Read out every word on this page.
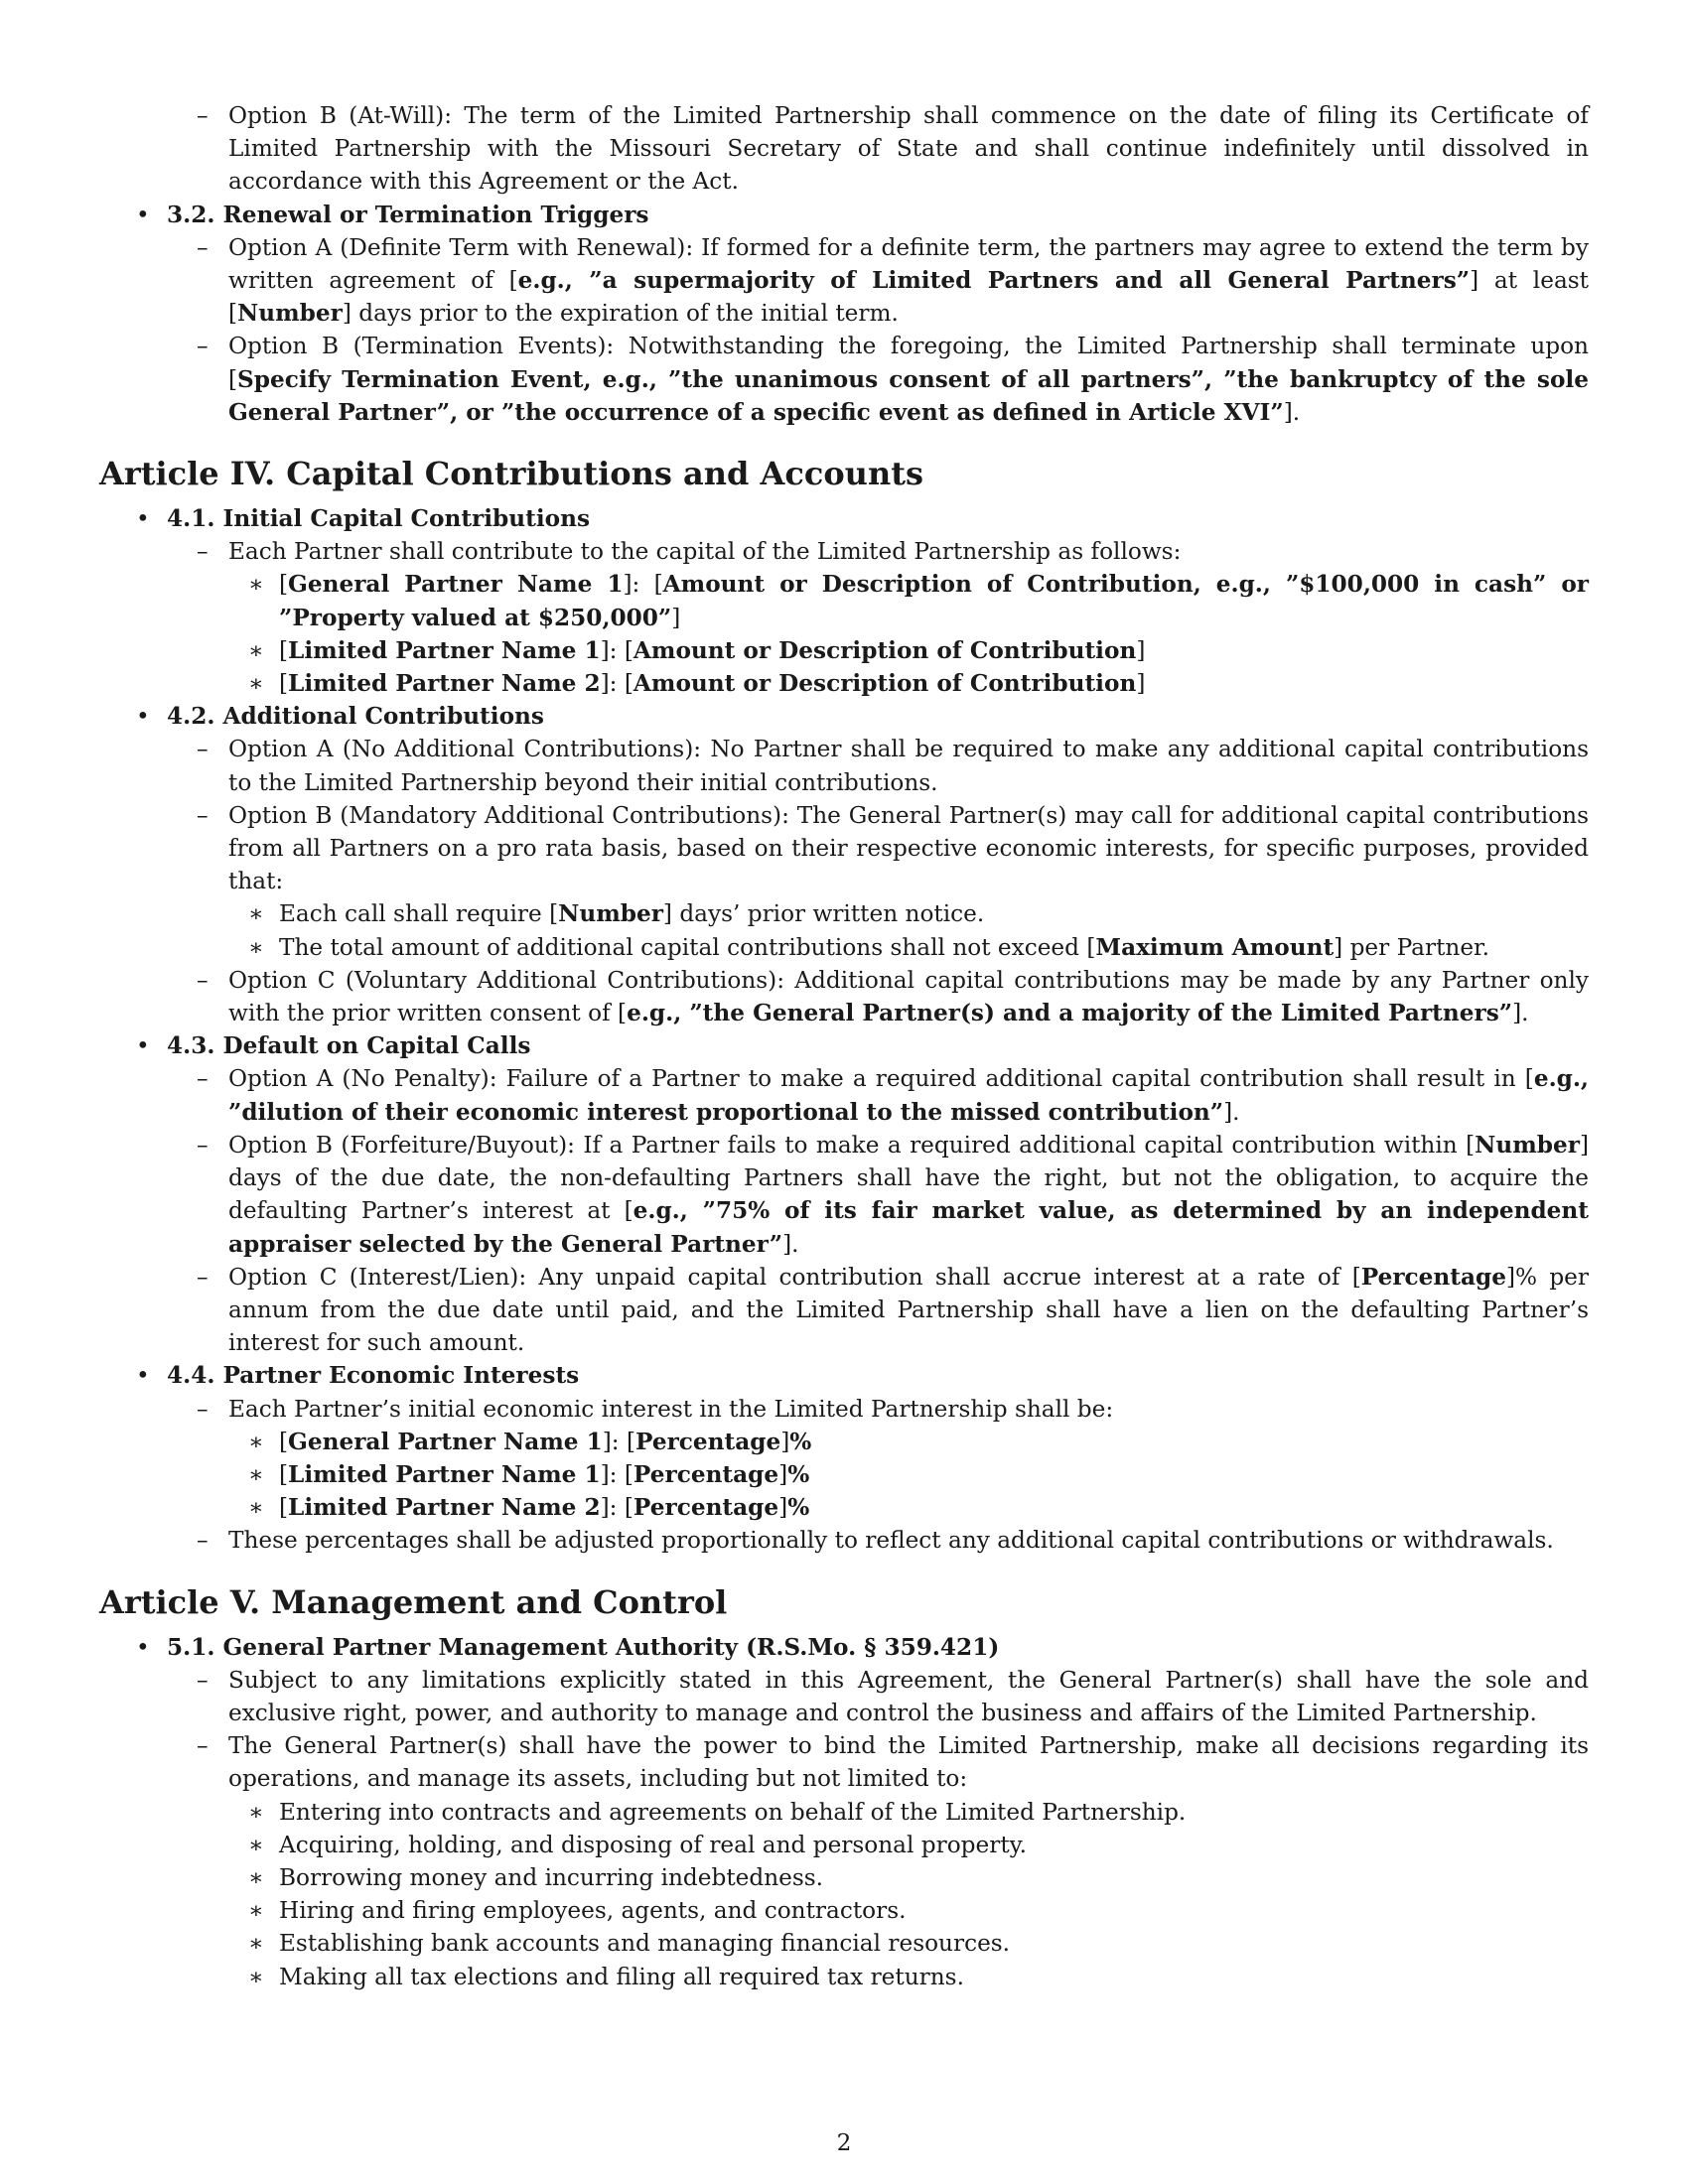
– Option B (At-Will): The term of the Limited Partnership shall commence on the date of filing its Certificate of Limited Partnership with the Missouri Secretary of State and shall continue indefinitely until dissolved in accordance with this Agreement or the Act.
• 3.2. Renewal or Termination Triggers
– Option A (Definite Term with Renewal): If formed for a definite term, the partners may agree to extend the term by written agreement of [e.g., ”a supermajority of Limited Partners and all General Partners”] at least [Number] days prior to the expiration of the initial term.
– Option B (Termination Events): Notwithstanding the foregoing, the Limited Partnership shall terminate upon [Specify Termination Event, e.g., ”the unanimous consent of all partners”, ”the bankruptcy of the sole General Partner”, or ”the occurrence of a specific event as defined in Article XVI”].
Article IV. Capital Contributions and Accounts
• 4.1. Initial Capital Contributions
– Each Partner shall contribute to the capital of the Limited Partnership as follows:
∗ [General Partner Name 1]: [Amount or Description of Contribution, e.g., ”$100,000 in cash” or ”Property valued at $250,000”]
∗ [Limited Partner Name 1]: [Amount or Description of Contribution]
∗ [Limited Partner Name 2]: [Amount or Description of Contribution]
• 4.2. Additional Contributions
– Option A (No Additional Contributions): No Partner shall be required to make any additional capital contributions to the Limited Partnership beyond their initial contributions.
– Option B (Mandatory Additional Contributions): The General Partner(s) may call for additional capital contributions from all Partners on a pro rata basis, based on their respective economic interests, for specific purposes, provided that:
∗ Each call shall require [Number] days’ prior written notice.
∗ The total amount of additional capital contributions shall not exceed [Maximum Amount] per Partner.
– Option C (Voluntary Additional Contributions): Additional capital contributions may be made by any Partner only with the prior written consent of [e.g., ”the General Partner(s) and a majority of the Limited Partners”].
• 4.3. Default on Capital Calls
– Option A (No Penalty): Failure of a Partner to make a required additional capital contribution shall result in [e.g., ”dilution of their economic interest proportional to the missed contribution”].
– Option B (Forfeiture/Buyout): If a Partner fails to make a required additional capital contribution within [Number] days of the due date, the non-defaulting Partners shall have the right, but not the obligation, to acquire the defaulting Partner’s interest at [e.g., ”75% of its fair market value, as determined by an independent appraiser selected by the General Partner”].
– Option C (Interest/Lien): Any unpaid capital contribution shall accrue interest at a rate of [Percentage]% per annum from the due date until paid, and the Limited Partnership shall have a lien on the defaulting Partner’s interest for such amount.
• 4.4. Partner Economic Interests
– Each Partner’s initial economic interest in the Limited Partnership shall be:
∗ [General Partner Name 1]: [Percentage]%
∗ [Limited Partner Name 1]: [Percentage]%
∗ [Limited Partner Name 2]: [Percentage]%
– These percentages shall be adjusted proportionally to reflect any additional capital contributions or withdrawals.
Article V. Management and Control
• 5.1. General Partner Management Authority (R.S.Mo. § 359.421)
– Subject to any limitations explicitly stated in this Agreement, the General Partner(s) shall have the sole and exclusive right, power, and authority to manage and control the business and affairs of the Limited Partnership.
– The General Partner(s) shall have the power to bind the Limited Partnership, make all decisions regarding its operations, and manage its assets, including but not limited to:
∗ Entering into contracts and agreements on behalf of the Limited Partnership.
∗ Acquiring, holding, and disposing of real and personal property.
∗ Borrowing money and incurring indebtedness.
∗ Hiring and firing employees, agents, and contractors.
∗ Establishing bank accounts and managing financial resources.
∗ Making all tax elections and filing all required tax returns.
2
